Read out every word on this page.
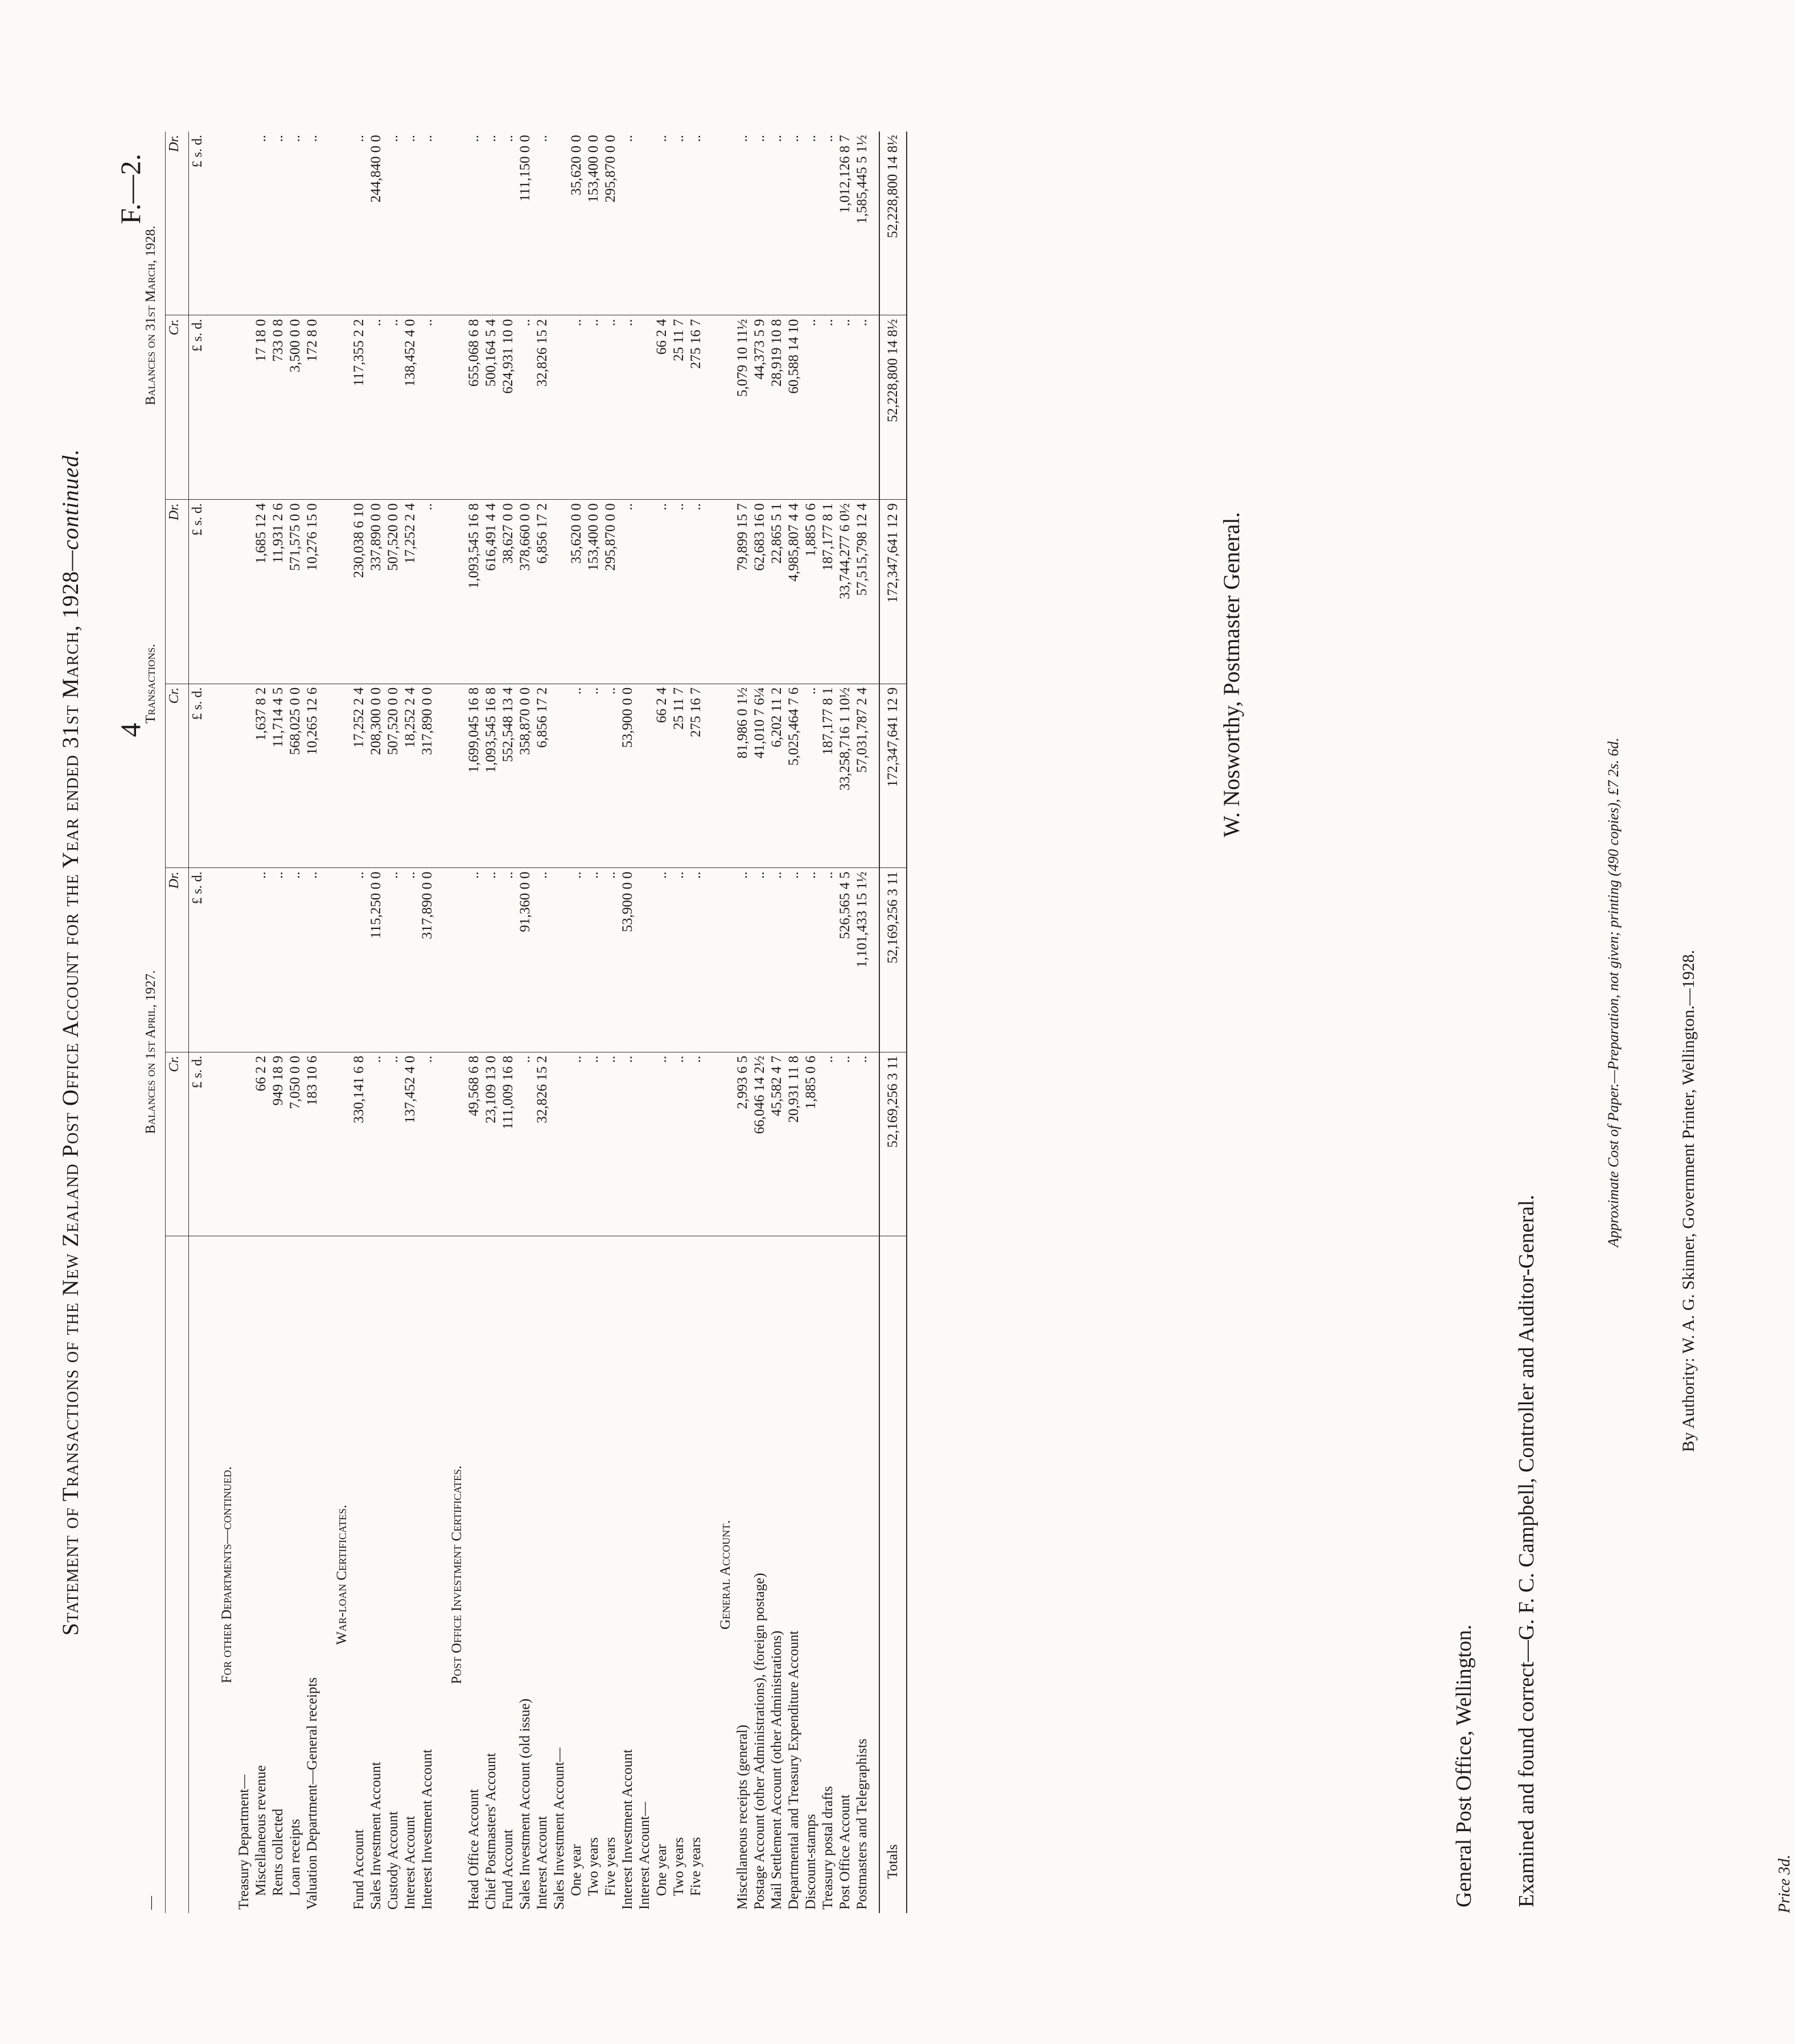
4
F.—2.
Statement of Transactions of the New Zealand Post Office Account for the Year ended 31st March, 1928—continued.
—	Balances on 1st April, 1927.		Transactions.		Balances on 31st March, 1928.	
	Cr.	Dr.	Cr.	Dr.	Cr.	Dr.
	£ s. d.	£ s. d.	£ s. d.	£ s. d.	£ s. d.	£ s. d.
For other Departments—continued.						
Treasury Department—						
Miscellaneous revenue	66 2 2	..	1,637 8 2	1,685 12 4	17 18 0	..
Rents collected	949 18 9	..	11,714 4 5	11,931 2 6	733 0 8	..
Loan receipts	7,050 0 0	..	568,025 0 0	571,575 0 0	3,500 0 0	..
Valuation Department—General receipts	183 10 6	..	10,265 12 6	10,276 15 0	172 8 0	..
War-loan Certificates.						
Fund Account	330,141 6 8	..	17,252 2 4	230,038 6 10	117,355 2 2	..
Sales Investment Account	..	115,250 0 0	208,300 0 0	337,890 0 0	..	244,840 0 0
Custody Account	..	..	507,520 0 0	507,520 0 0	..	..
Interest Account	137,452 4 0	..	18,252 2 4	17,252 2 4	138,452 4 0	..
Interest Investment Account	..	317,890 0 0	317,890 0 0	..	..	..
Post Office Investment Certificates.						
Head Office Account	49,568 6 8	..	1,699,045 16 8	1,093,545 16 8	655,068 6 8	..
Chief Postmasters' Account	23,109 13 0	..	1,093,545 16 8	616,491 4 4	500,164 5 4	..
Fund Account	111,009 16 8	..	552,548 13 4	38,627 0 0	624,931 10 0	..
Sales Investment Account (old issue)	..	91,360 0 0	358,870 0 0	378,660 0 0	..	111,150 0 0
Interest Account	32,826 15 2	..	6,856 17 2	6,856 17 2	32,826 15 2	..
Sales Investment Account—						
One year	..	..	..	35,620 0 0	..	35,620 0 0
Two years	..	..	..	153,400 0 0	..	153,400 0 0
Five years	..	..	..	295,870 0 0	..	295,870 0 0
Interest Investment Account	..	53,900 0 0	53,900 0 0	..	..	..
Interest Account—						
One year	..	..	66 2 4	..	66 2 4	..
Two years	..	..	25 11 7	..	25 11 7	..
Five years	..	..	275 16 7	..	275 16 7	..
General Account.						
Miscellaneous receipts (general)	2,993 6 5	..	81,986 0 1½	79,899 15 7	5,079 10 11½	..
Postage Account (other Administrations), (foreign postage)	66,046 14 2½	..	41,010 7 6¼	62,683 16 0	44,373 5 9	..
Mail Settlement Account (other Administrations)	45,582 4 7	..	6,202 11 2	22,865 5 1	28,919 10 8	..
Departmental and Treasury Expenditure Account	20,931 11 8	..	5,025,464 7 6	4,985,807 4 4	60,588 14 10	..
Discount-stamps	1,885 0 6	..	..	1,885 0 6	..	..
Treasury postal drafts	..	..	187,177 8 1	187,177 8 1	..	..
Post Office Account	..	526,565 4 5	33,258,716 1 10½	33,744,277 6 0½	..	1,012,126 8 7
Postmasters and Telegraphists	..	1,101,433 15 1½	57,031,787 2 4	57,515,798 12 4	..	1,585,445 5 1½

Totals	52,169,256 3 11	52,169,256 3 11	172,347,641 12 9	172,347,641 12 9	52,228,800 14 8½	52,228,800 14 8½
General Post Office, Wellington.
W. Nosworthy, Postmaster General.
Examined and found correct—G. F. C. Campbell, Controller and Auditor-General.
Approximate Cost of Paper.—Preparation, not given; printing (490 copies), £7 2s. 6d.	By Authority: W. A. G. Skinner, Government Printer, Wellington.—1928.
Price 3d.
